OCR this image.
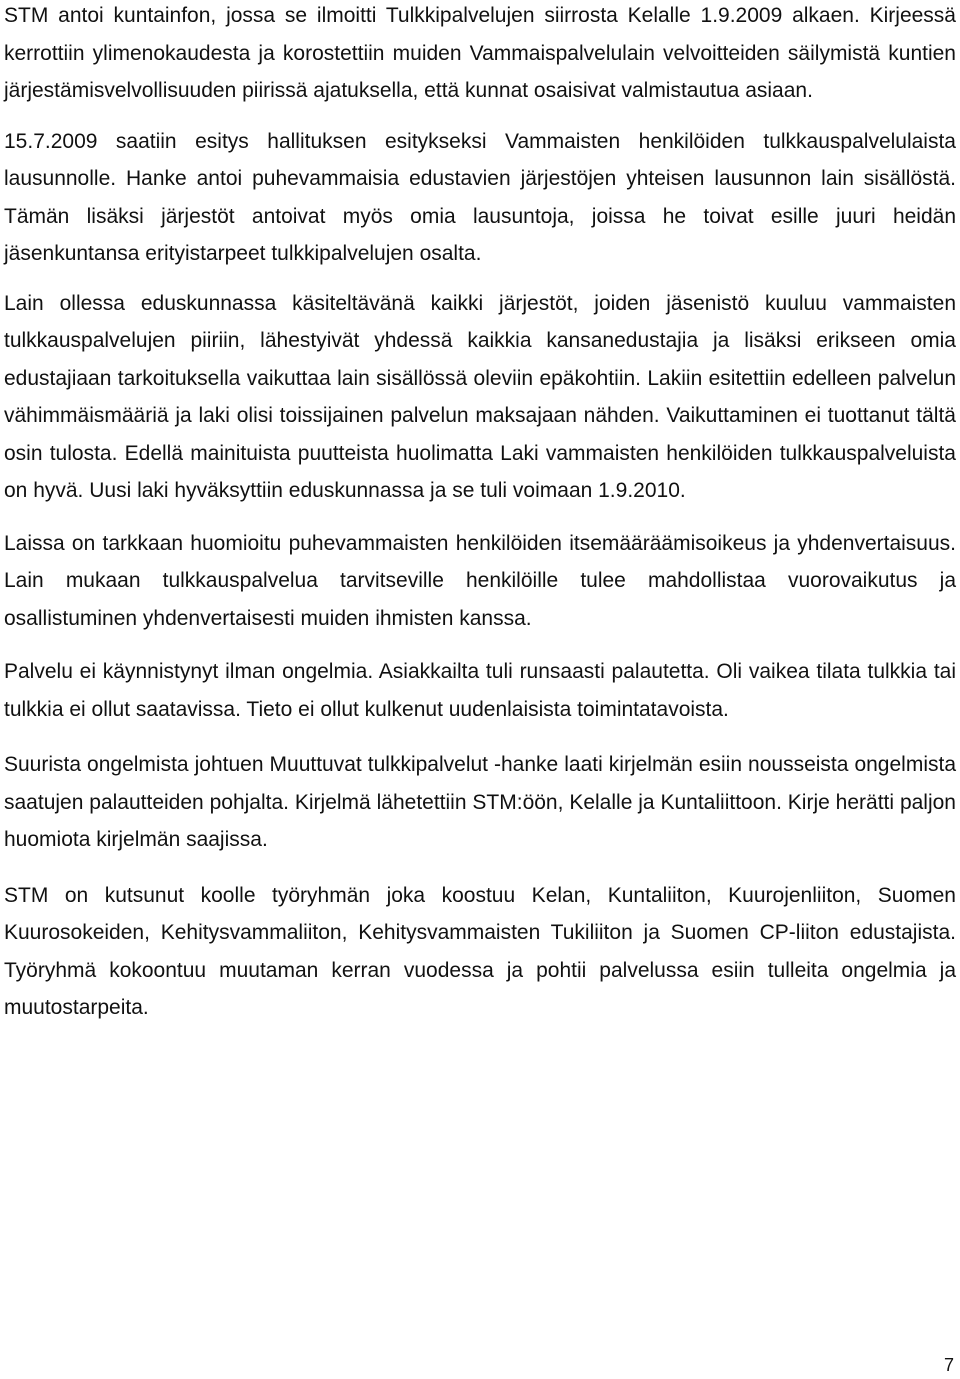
STM antoi kuntainfon, jossa se ilmoitti Tulkkipalvelujen siirrosta Kelalle 1.9.2009 alkaen. Kirjeessä kerrottiin ylimenokaudesta ja korostettiin muiden Vammaispalvelulain velvoitteiden säilymistä kuntien järjestämisvelvollisuuden piirissä ajatuksella, että kunnat osaisivat valmistautua asiaan.

15.7.2009 saatiin esitys hallituksen esitykseksi Vammaisten henkilöiden tulkkauspalvelulaista lausunnolle. Hanke antoi puhevammaisia edustavien järjestöjen yhteisen lausunnon lain sisällöstä. Tämän lisäksi järjestöt antoivat myös omia lausuntoja, joissa he toivat esille juuri heidän jäsenkuntansa erityistarpeet tulkkipalvelujen osalta.

Lain ollessa eduskunnassa käsiteltävänä kaikki järjestöt, joiden jäsenistö kuuluu vammaisten tulkkauspalvelujen piiriin, lähestyivät yhdessä kaikkia kansanedustajia ja lisäksi erikseen omia edustajiaan tarkoituksella vaikuttaa lain sisällössä oleviin epäkohtiin. Lakiin esitettiin edelleen palvelun vähimmäismääriä ja laki olisi toissijainen palvelun maksajaan nähden. Vaikuttaminen ei tuottanut tältä osin tulosta. Edellä mainituista puutteista huolimatta Laki vammaisten henkilöiden tulkkauspalveluista on hyvä. Uusi laki hyväksyttiin eduskunnassa ja se tuli voimaan 1.9.2010.

Laissa on tarkkaan huomioitu puhevammaisten henkilöiden itsemääräämisoikeus ja yhdenvertaisuus. Lain mukaan tulkkauspalvelua tarvitseville henkilöille tulee mahdollistaa vuorovaikutus ja osallistuminen yhdenvertaisesti muiden ihmisten kanssa.

Palvelu ei käynnistynyt ilman ongelmia. Asiakkailta tuli runsaasti palautetta. Oli vaikea tilata tulkkia tai tulkkia ei ollut saatavissa. Tieto ei ollut kulkenut uudenlaisista toimintatavoista.

Suurista ongelmista johtuen Muuttuvat tulkkipalvelut -hanke laati kirjelmän esiin nousseista ongelmista saatujen palautteiden pohjalta. Kirjelmä lähetettiin STM:öön, Kelalle ja Kuntaliittoon. Kirje herätti paljon huomiota kirjelmän saajissa.

STM on kutsunut koolle työryhmän joka koostuu Kelan, Kuntaliiton, Kuurojenliiton, Suomen Kuurosokeiden, Kehitysvammaliiton, Kehitysvammaisten Tukiliiton ja Suomen CP-liiton edustajista. Työryhmä kokoontuu muutaman kerran vuodessa ja pohtii palvelussa esiin tulleita ongelmia ja muutostarpeita.

7
